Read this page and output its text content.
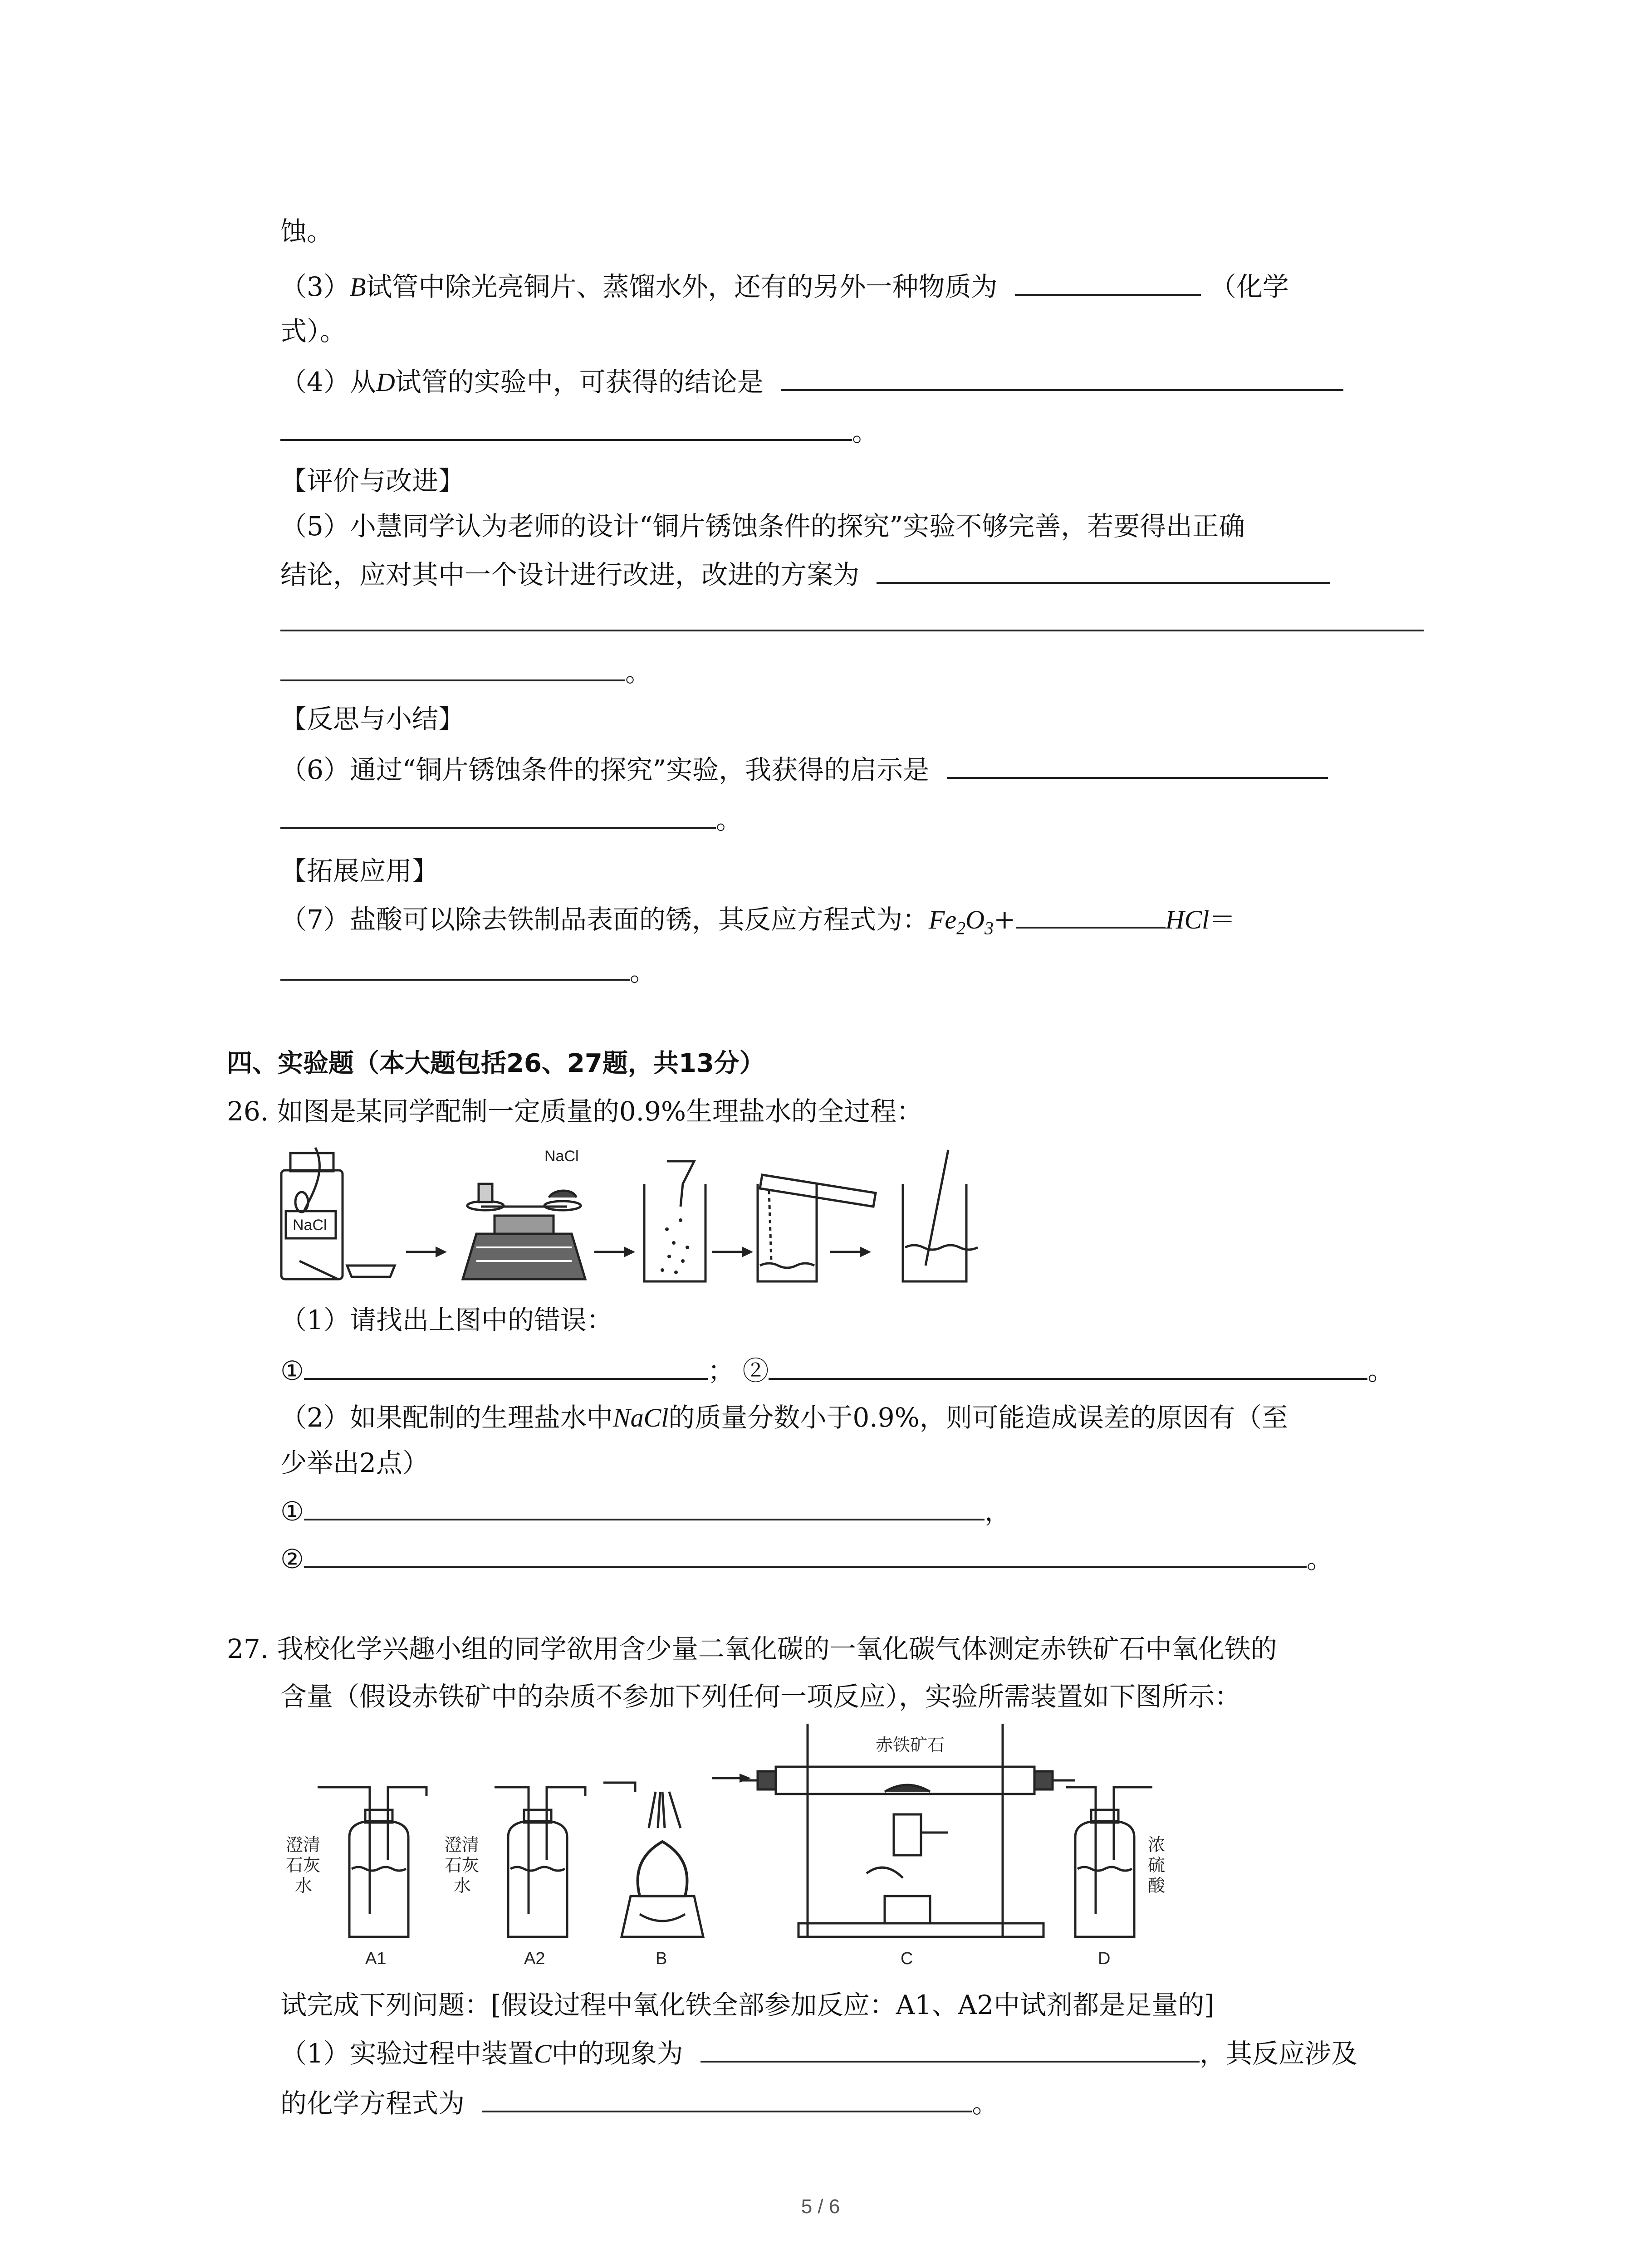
蚀。
（3）B试管中除光亮铜片、蒸馏水外，还有的另外一种物质为	（化学
式）。
（4）从D试管的实验中，可获得的结论是
。
【评价与改进】
（5）小慧同学认为老师的设计“铜片锈蚀条件的探究”实验不够完善，若要得出正确
结论，应对其中一个设计进行改进，改进的方案为
。
【反思与小结】
（6）通过“铜片锈蚀条件的探究”实验，我获得的启示是
。
【拓展应用】
（7）盐酸可以除去铁制品表面的锈，其反应方程式为：$Fe_2O_3+$	HCl＝
。
四、实验题（本大题包括26、27题，共13分）
26. 如图是某同学配制一定质量的0.9%生理盐水的全过程：
NaCl
NaCl
（1）请找出上图中的错误：
①	； ②	。
（2）如果配制的生理盐水中NaCl的质量分数小于0.9%，则可能造成误差的原因有（至
少举出2点）
①	，
②	。
27. 我校化学兴趣小组的同学欲用含少量二氧化碳的一氧化碳气体测定赤铁矿石中氧化铁的
含量（假设赤铁矿中的杂质不参加下列任何一项反应），实验所需装置如下图所示：
澄清
石灰
水
澄清
石灰
水
浓
硫
酸
赤铁矿石
A1	A2	B	C	D
试完成下列问题：[假设过程中氧化铁全部参加反应：A1、A2中试剂都是足量的]
（1）实验过程中装置C中的现象为	，其反应涉及
的化学方程式为	。
5 / 6
